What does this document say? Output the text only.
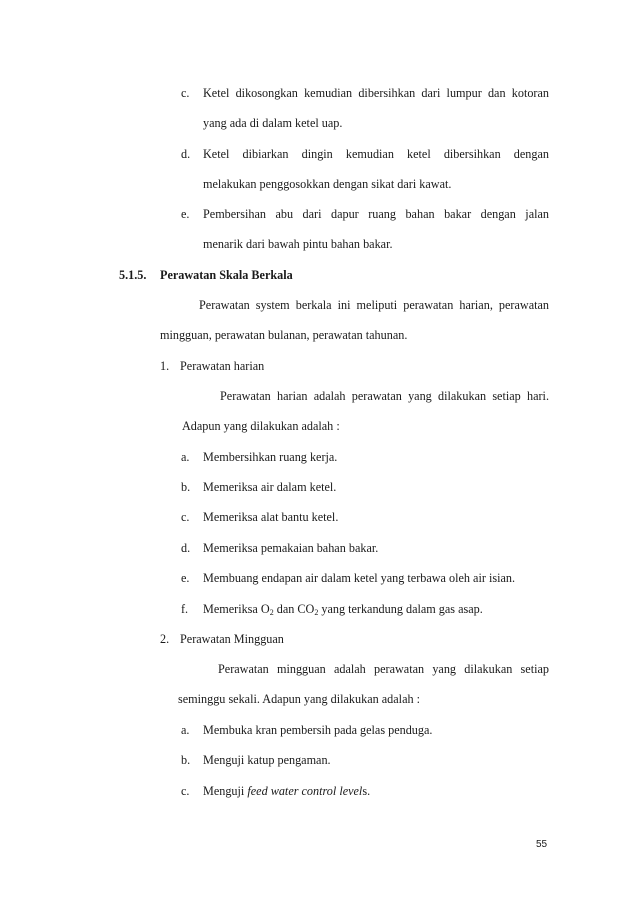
c. Ketel dikosongkan kemudian dibersihkan dari lumpur dan kotoran
yang ada di dalam ketel uap.
d. Ketel dibiarkan dingin kemudian ketel dibersihkan dengan
melakukan penggosokkan dengan sikat dari kawat.
e. Pembersihan abu dari dapur ruang bahan bakar dengan jalan
menarik dari bawah pintu bahan bakar.
5.1.5. Perawatan Skala Berkala
Perawatan system berkala ini meliputi perawatan harian, perawatan
mingguan, perawatan bulanan, perawatan tahunan.
1. Perawatan harian
Perawatan harian adalah perawatan yang dilakukan setiap hari.
Adapun yang dilakukan adalah :
a. Membersihkan ruang kerja.
b. Memeriksa air dalam ketel.
c. Memeriksa alat bantu ketel.
d. Memeriksa pemakaian bahan bakar.
e. Membuang endapan air dalam ketel yang terbawa oleh air isian.
f. Memeriksa $O_2$ dan $CO_2$ yang terkandung dalam gas asap.
2. Perawatan Mingguan
Perawatan mingguan adalah perawatan yang dilakukan setiap
seminggu sekali. Adapun yang dilakukan adalah :
a. Membuka kran pembersih pada gelas penduga.
b. Menguji katup pengaman.
c. Menguji feed water control levels.
55
